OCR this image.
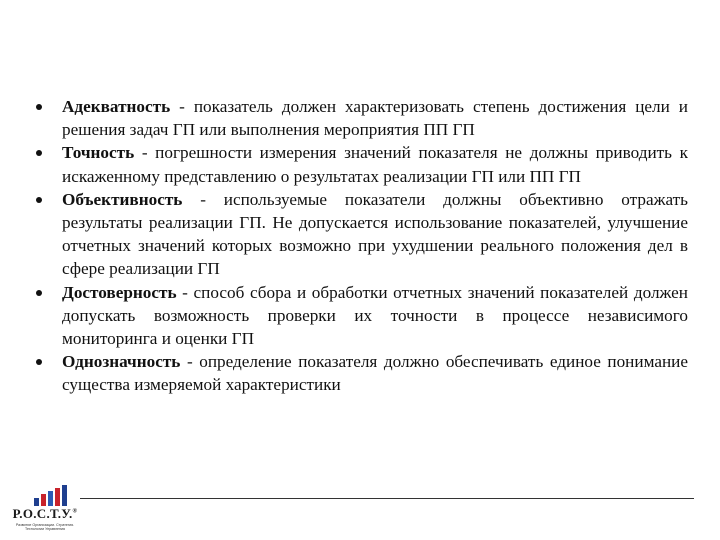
Адекватность - показатель должен характеризовать степень достижения цели и решения задач ГП или выполнения мероприятия ПП ГП
Точность - погрешности измерения значений показателя не должны приводить к искаженному представлению о результатах реализации ГП или ПП ГП
Объективность - используемые показатели должны объективно отражать результаты реализации ГП. Не допускается использование показателей, улучшение отчетных значений которых возможно при ухудшении реального положения дел в сфере реализации ГП
Достоверность - способ сбора и обработки отчетных значений показателей должен допускать возможность проверки их точности в процессе независимого мониторинга и оценки ГП
Однозначность - определение показателя должно обеспечивать единое понимание существа измеряемой характеристики
Р.О.С.Т.У.®
Развитие Организации. Стратегия. Технологии Управления
